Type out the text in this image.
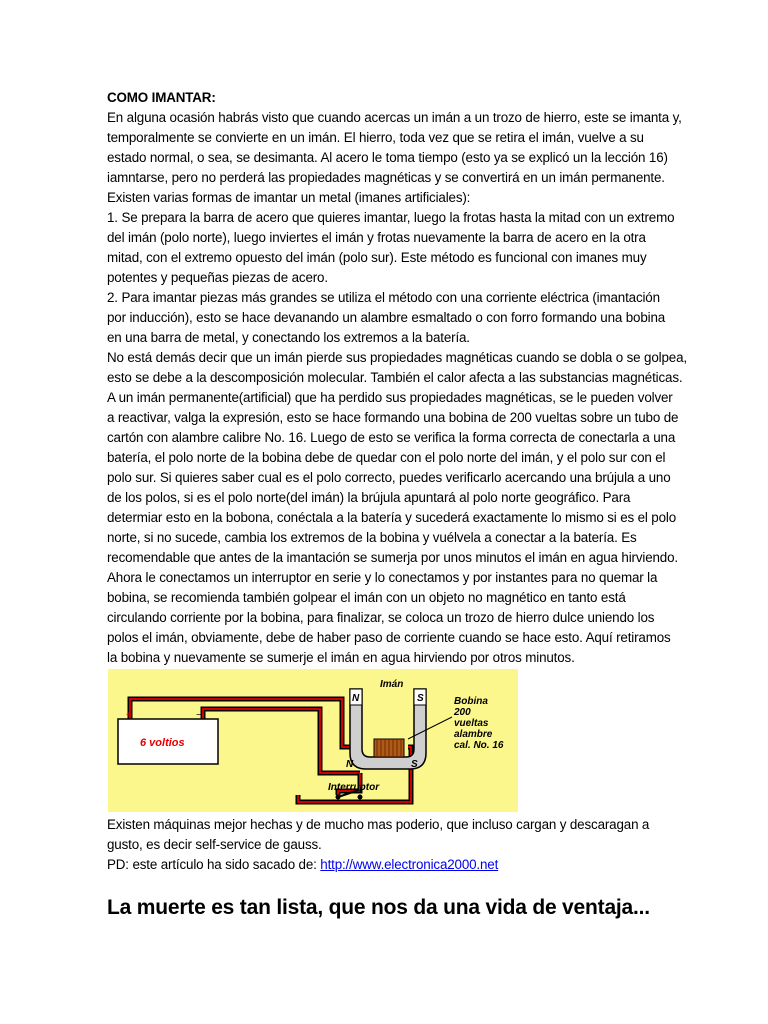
COMO IMANTAR:
En alguna ocasión habrás visto que cuando acercas un imán a un trozo de hierro, este se imanta y,
temporalmente se convierte en un imán. El hierro, toda vez que se retira el imán, vuelve a su
estado normal, o sea, se desimanta. Al acero le toma tiempo (esto ya se explicó un la lección 16)
iamntarse, pero no perderá las propiedades magnéticas y se convertirá en un imán permanente.
Existen varias formas de imantar un metal (imanes artificiales):
1. Se prepara la barra de acero que quieres imantar, luego la frotas hasta la mitad con un extremo
del imán (polo norte), luego inviertes el imán y frotas nuevamente la barra de acero en la otra
mitad, con el extremo opuesto del imán (polo sur). Este método es funcional con imanes muy
potentes y pequeñas piezas de acero.
2. Para imantar piezas más grandes se utiliza el método con una corriente eléctrica (imantación
por inducción), esto se hace devanando un alambre esmaltado o con forro formando una bobina
en una barra de metal, y conectando los extremos a la batería.
No está demás decir que un imán pierde sus propiedades magnéticas cuando se dobla o se golpea,
esto se debe a la descomposición molecular. También el calor afecta a las substancias magnéticas.
A un imán permanente(artificial) que ha perdido sus propiedades magnéticas, se le pueden volver
a reactivar, valga la expresión, esto se hace formando una bobina de 200 vueltas sobre un tubo de
cartón con alambre calibre No. 16. Luego de esto se verifica la forma correcta de conectarla a una
batería, el polo norte de la bobina debe de quedar con el polo norte del imán, y el polo sur con el
polo sur. Si quieres saber cual es el polo correcto, puedes verificarlo acercando una brújula a uno
de los polos, si es el polo norte(del imán) la brújula apuntará al polo norte geográfico. Para
determiar esto en la bobona, conéctala a la batería y sucederá exactamente lo mismo si es el polo
norte, si no sucede, cambia los extremos de la bobina y vuélvela a conectar a la batería. Es
recomendable que antes de la imantación se sumerja por unos minutos el imán en agua hirviendo.
Ahora le conectamos un interruptor en serie y lo conectamos y por instantes para no quemar la
bobina, se recomienda también golpear el imán con un objeto no magnético en tanto está
circulando corriente por la bobina, para finalizar, se coloca un trozo de hierro dulce uniendo los
polos el imán, obviamente, debe de haber paso de corriente cuando se hace esto. Aquí retiramos
la bobina y nuevamente se sumerje el imán en agua hirviendo por otros minutos.
+	−
6 voltios
N	S
Imán
N	S
Bobina
200
vueltas
alambre
cal. No. 16
Interruptor
Existen máquinas mejor hechas y de mucho mas poderio, que incluso cargan y descaragan a
gusto, es decir self-service de gauss.
PD: este artículo ha sido sacado de: http://www.electronica2000.net
La muerte es tan lista, que nos da una vida de ventaja...
